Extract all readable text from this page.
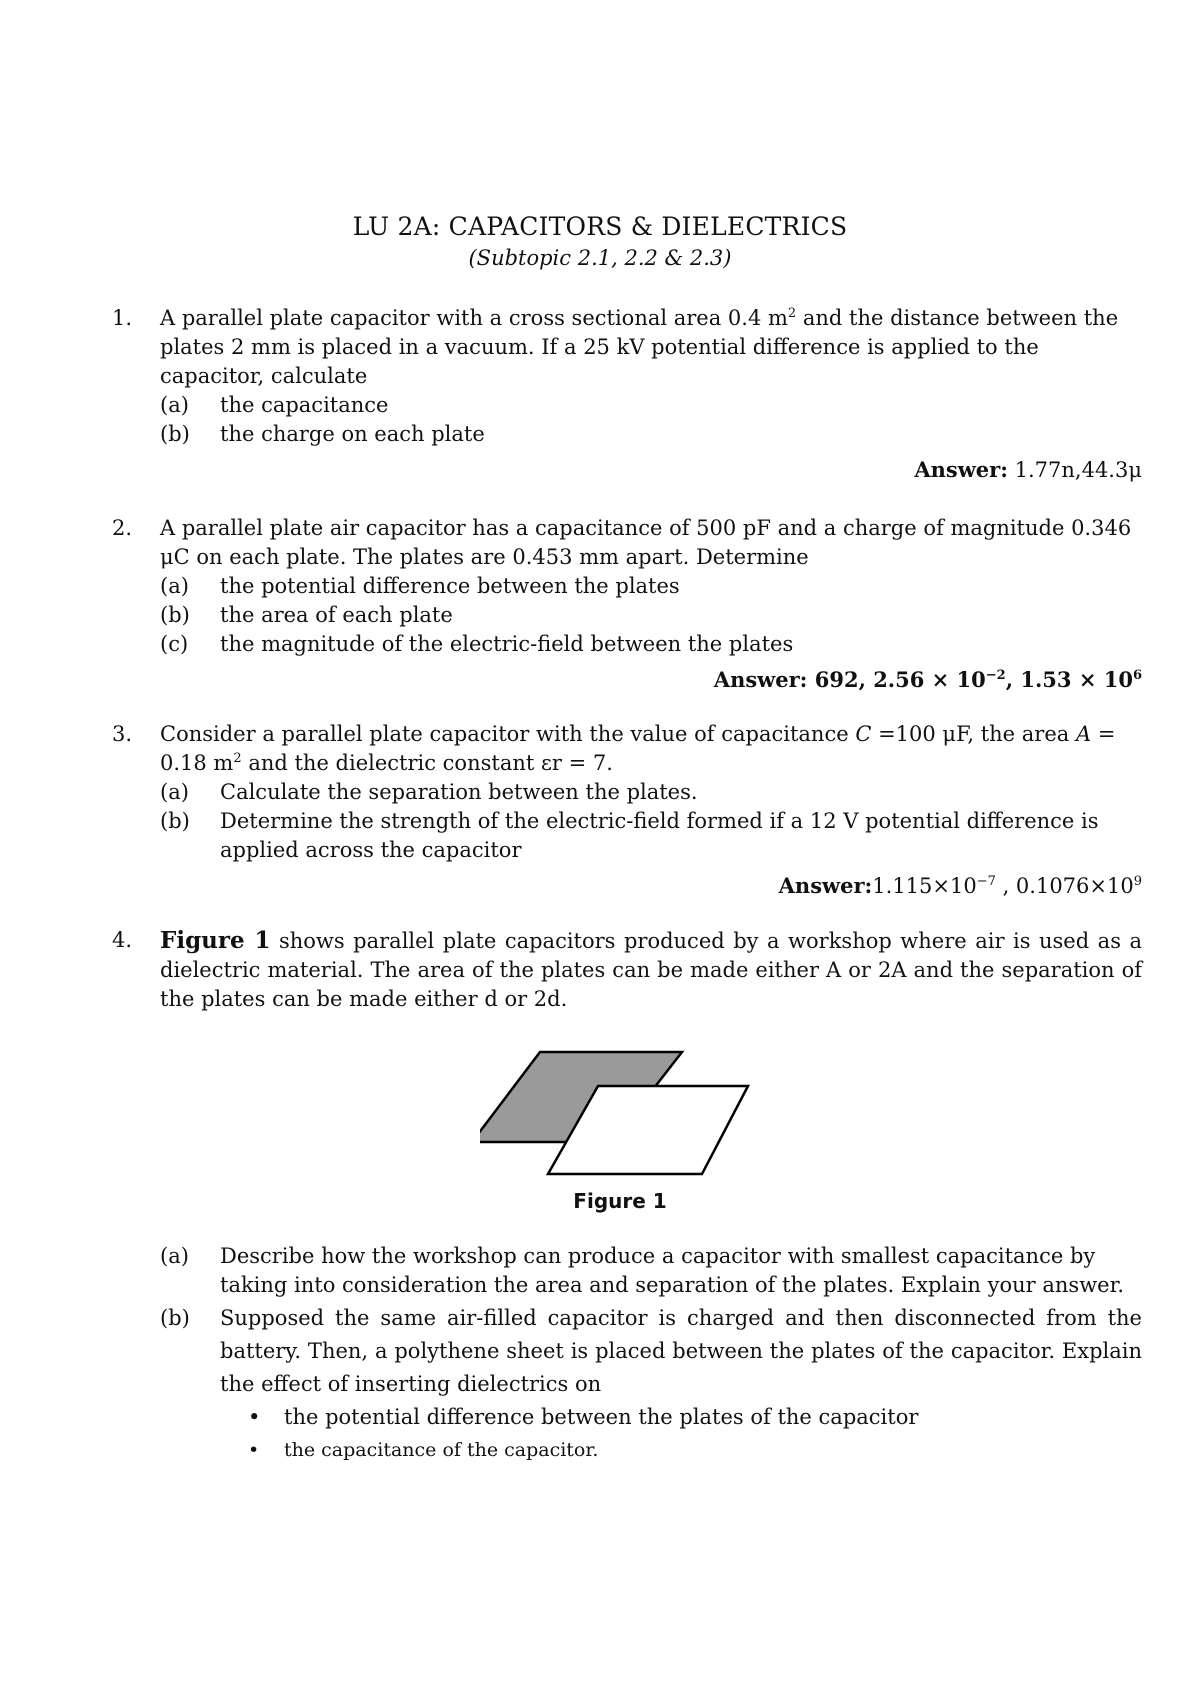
LU 2A: CAPACITORS & DIELECTRICS
(Subtopic 2.1, 2.2 & 2.3)
1. A parallel plate capacitor with a cross sectional area 0.4 $m^2$ and the distance between the plates 2 mm is placed in a vacuum. If a 25 kV potential difference is applied to the capacitor, calculate
(a) the capacitance
(b) the charge on each plate
Answer: 1.77n,44.3μ
2. A parallel plate air capacitor has a capacitance of 500 pF and a charge of magnitude 0.346 μC on each plate. The plates are 0.453 mm apart. Determine
(a) the potential difference between the plates
(b) the area of each plate
(c) the magnitude of the electric-field between the plates
Answer: 692, $2.56 \times 10^{-2}$, $1.53 \times 10^6$
3. Consider a parallel plate capacitor with the value of capacitance C =100 μF, the area A = 0.18 $m^2$ and the dielectric constant εr = 7.
(a) Calculate the separation between the plates.
(b) Determine the strength of the electric-field formed if a 12 V potential difference is applied across the capacitor
$Answer:1.115\times 10^{-7}$ , $0.1076\times 10^9$
4. Figure 1 shows parallel plate capacitors produced by a workshop where air is used as a dielectric material. The area of the plates can be made either A or 2A and the separation of the plates can be made either d or 2d.
Figure 1
(a) Describe how the workshop can produce a capacitor with smallest capacitance by taking into consideration the area and separation of the plates. Explain your answer.
(b) Supposed the same air-filled capacitor is charged and then disconnected from the battery. Then, a polythene sheet is placed between the plates of the capacitor. Explain the effect of inserting dielectrics on
• the potential difference between the plates of the capacitor
• the capacitance of the capacitor.
